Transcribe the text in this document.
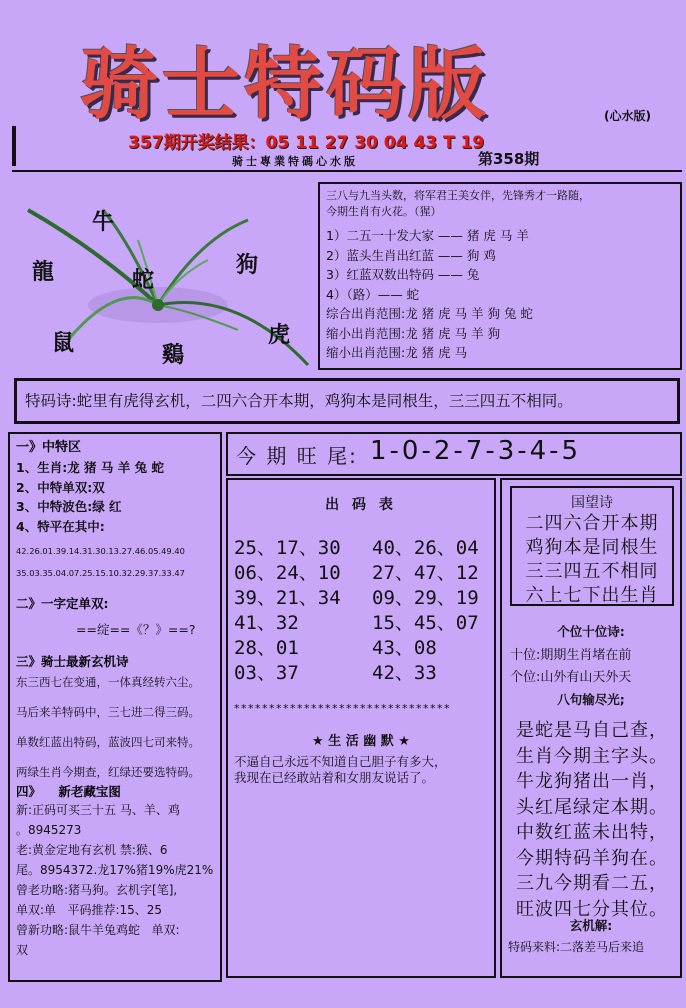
骑士特码版	(心水版)
357期开奖结果：05 11 27 30 04 43 T 19
骑士專業特碼心水版	第358期
牛
龍	蛇
狗
鼠	鷄
虎
三八与九当头数，将军君王美女伴，先锋秀才一路随，
今期生肖有火花。（猩）
1）二五一十发大家 —— 猪 虎 马 羊
2）蓝头生肖出红蓝 —— 狗 鸡
3）红蓝双数出特码 —— 兔
4）（路）—— 蛇
综合出肖范围:龙 猪 虎 马 羊 狗 兔 蛇
缩小出肖范围:龙 猪 虎 马 羊 狗
缩小出肖范围:龙 猪 虎 马
特码诗:蛇里有虎得玄机，二四六合开本期，鸡狗本是同根生，三三四五不相同。
一》中特区
1、生肖:龙 猪 马 羊 兔 蛇
2、中特单双:双
3、中特波色:绿 红
4、特平在其中:
42.26.01.39.14.31.30.13.27.46.05.49.40
35.03.35.04.07.25.15.10.32.29.37.33.47
二》一字定单双:
==绽==《？》==?
三》骑士最新玄机诗
东三西七在变通，一体真经转六尘。
马后来羊特码中，三七进二得三码。
单数红蓝出特码，蓝波四七司来特。
两绿生肖今期查，红绿还要选特码。
四》    新老藏宝图
新:正码可买三十五 马、羊、鸡
。8945273
老:黄金定地有玄机 禁:猴、6
尾。8954372.龙17%猪19%虎21%
曾老功略:猪马狗。玄机字[笔],
单双:单   平码推荐:15、25
曾新功略:鼠牛羊兔鸡蛇   单双:
双
今 期 旺 尾: 1-0-2-7-3-4-5
出 码 表
25、17、30	40、26、04
06、24、10	27、47、12
39、21、34	09、29、19
41、32	15、45、07
28、01	43、08
03、37	42、33
*******************************
★ 生 活 幽 默 ★
不逼自己永远不知道自己胆子有多大，
我现在已经敢站着和女朋友说话了。
国望诗
二四六合开本期
鸡狗本是同根生
三三四五不相同
六上七下出生肖
个位十位诗:
十位:期期生肖堵在前
个位:山外有山天外天
八句输尽光;
是蛇是马自己查，
生肖今期主字头。
牛龙狗猪出一肖，
头红尾绿定本期。
中数红蓝未出特，
今期特码羊狗在。
三九今期看二五，
旺波四七分其位。
玄机解:
特码来料:二落差马后来追
